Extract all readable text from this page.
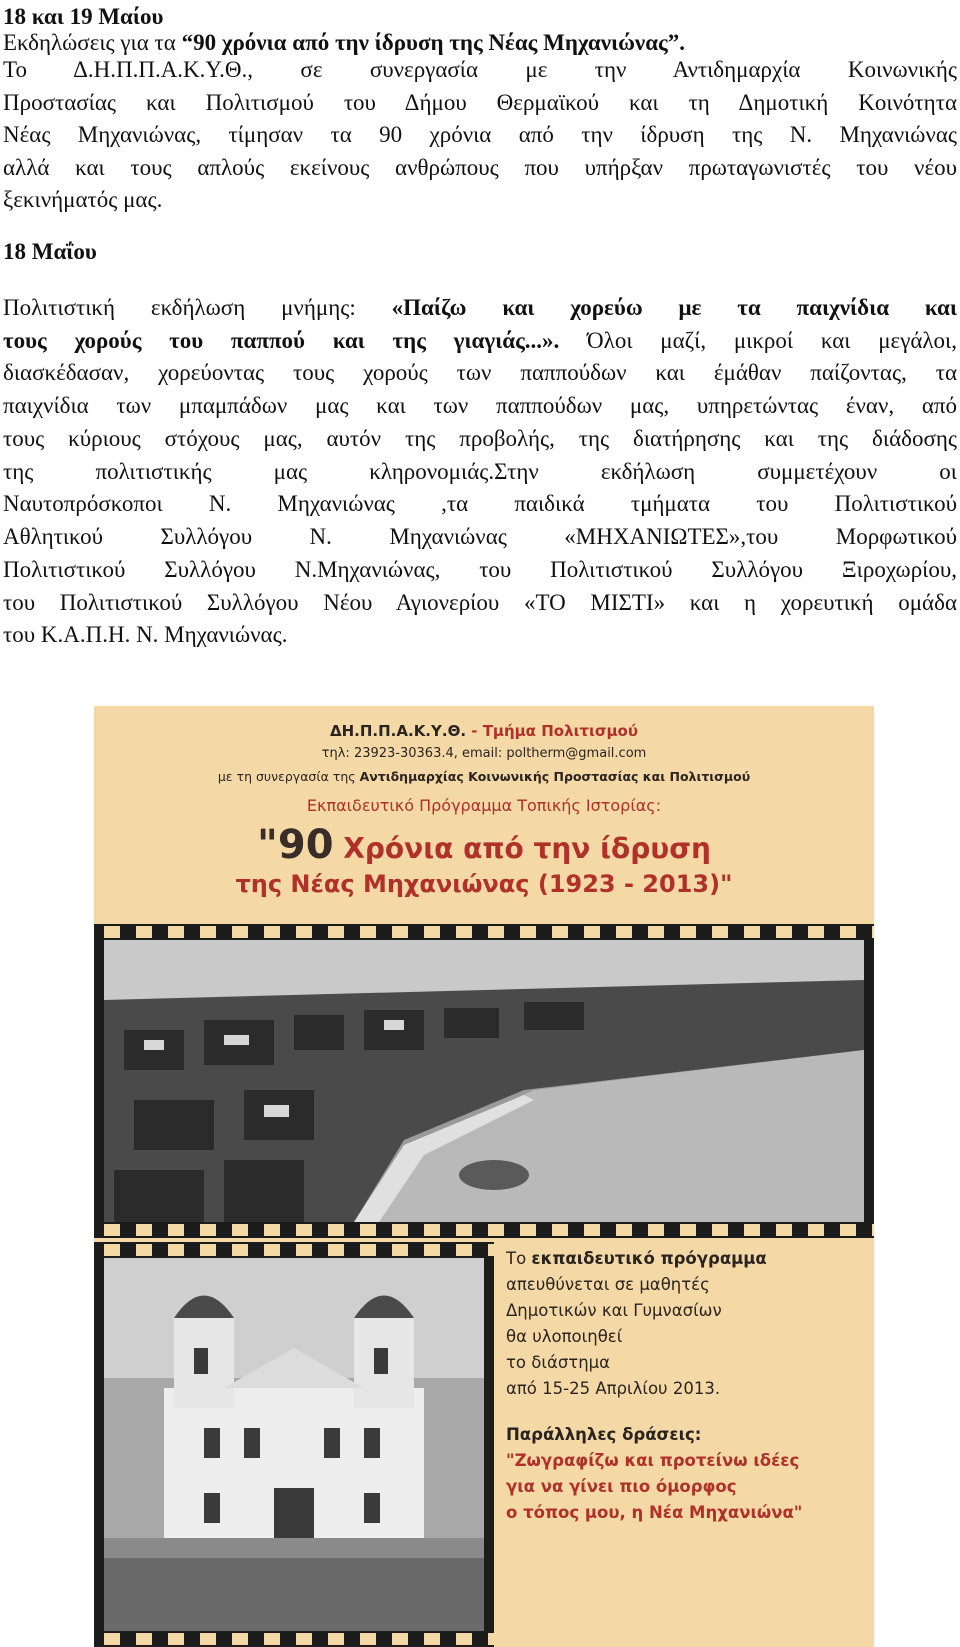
18 και 19 Μαίου
Εκδηλώσεις για τα “90 χρόνια από την ίδρυση της Νέας Μηχανιώνας”.
Το Δ.Η.Π.Π.Α.Κ.Υ.Θ., σε συνεργασία με την Αντιδημαρχία Κοινωνικής
Προστασίας και Πολιτισμού του Δήμου Θερμαϊκού και τη Δημοτική Κοινότητα
Νέας Μηχανιώνας, τίμησαν τα 90 χρόνια από την ίδρυση της Ν. Μηχανιώνας
αλλά και τους απλούς εκείνους ανθρώπους που υπήρξαν πρωταγωνιστές του νέου
ξεκινήματός μας.
18 Μαΐου
Πολιτιστική εκδήλωση μνήμης: «Παίζω και χορεύω με τα παιχνίδια και
τους χορούς του παππού και της γιαγιάς...». Όλοι μαζί, μικροί και μεγάλοι,
διασκέδασαν, χορεύοντας τους χορούς των παππούδων και έμάθαν παίζοντας, τα
παιχνίδια των μπαμπάδων μας και των παππούδων μας, υπηρετώντας έναν, από
τους κύριους στόχους μας, αυτόν της προβολής, της διατήρησης και της διάδοσης
της πολιτιστικής μας κληρονομιάς.Στην εκδήλωση συμμετέχουν οι
Ναυτοπρόσκοποι Ν. Μηχανιώνας ,τα παιδικά τμήματα του Πολιτιστικού
Αθλητικού Συλλόγου Ν. Μηχανιώνας «ΜΗΧΑΝΙΩΤΕΣ»,του Μορφωτικού
Πολιτιστικού Συλλόγου Ν.Μηχανιώνας, του Πολιτιστικού Συλλόγου Ξιροχωρίου,
του Πολιτιστικού Συλλόγου Νέου Αγιονερίου «ΤΟ ΜΙΣΤΙ» και η χορευτική ομάδα
του Κ.Α.Π.Η. Ν. Μηχανιώνας.
ΔΗ.Π.Π.Α.Κ.Υ.Θ. - Τμήμα Πολιτισμού
τηλ: 23923-30363.4, email: poltherm@gmail.com
με τη συνεργασία της Αντιδημαρχίας Κοινωνικής Προστασίας και Πολιτισμού
Εκπαιδευτικό Πρόγραμμα Τοπικής Ιστορίας:
"90 Χρόνια από την ίδρυση
της Νέας Μηχανιώνας (1923 - 2013)"
Το εκπαιδευτικό πρόγραμμα
απευθύνεται σε μαθητές
Δημοτικών και Γυμνασίων
θα υλοποιηθεί
το διάστημα
από 15-25 Απριλίου 2013.
Παράλληλες δράσεις:
"Ζωγραφίζω και προτείνω ιδέες
για να γίνει πιο όμορφος
ο τόπος μου, η Νέα Μηχανιώνα"
